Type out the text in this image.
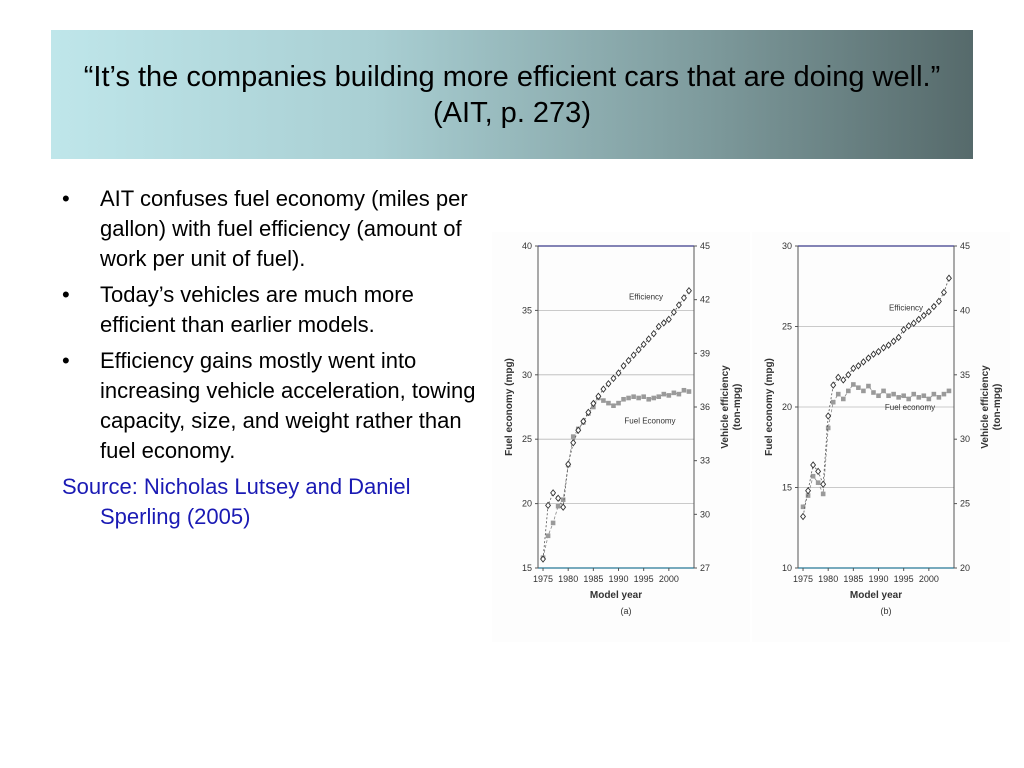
“It’s the companies building more efficient cars that are doing well.” (AIT, p. 273)
•	AIT confuses fuel economy (miles per gallon) with fuel efficiency (amount of work per unit of fuel).
•	Today’s vehicles are much more efficient than earlier models.
•	Efficiency gains mostly went into increasing vehicle acceleration, towing capacity, size, and weight rather than fuel economy.
Source: Nicholas Lutsey and Daniel Sperling (2005)
15
20
25
30
35
40
27
30
33
36
39
42
45
1975 1980 1985 1990 1995 2000
Model year
Fuel economy (mpg)	Vehicle efficiency (ton-mpg)
(a)
Efficiency
Fuel Economy
10
15
20
25
30
20
25
30
35
40
45
1975 1980 1985 1990 1995 2000
Model year
Fuel economy (mpg)	Vehicle efficiency (ton-mpg)
(b)
Efficiency
Fuel economy
